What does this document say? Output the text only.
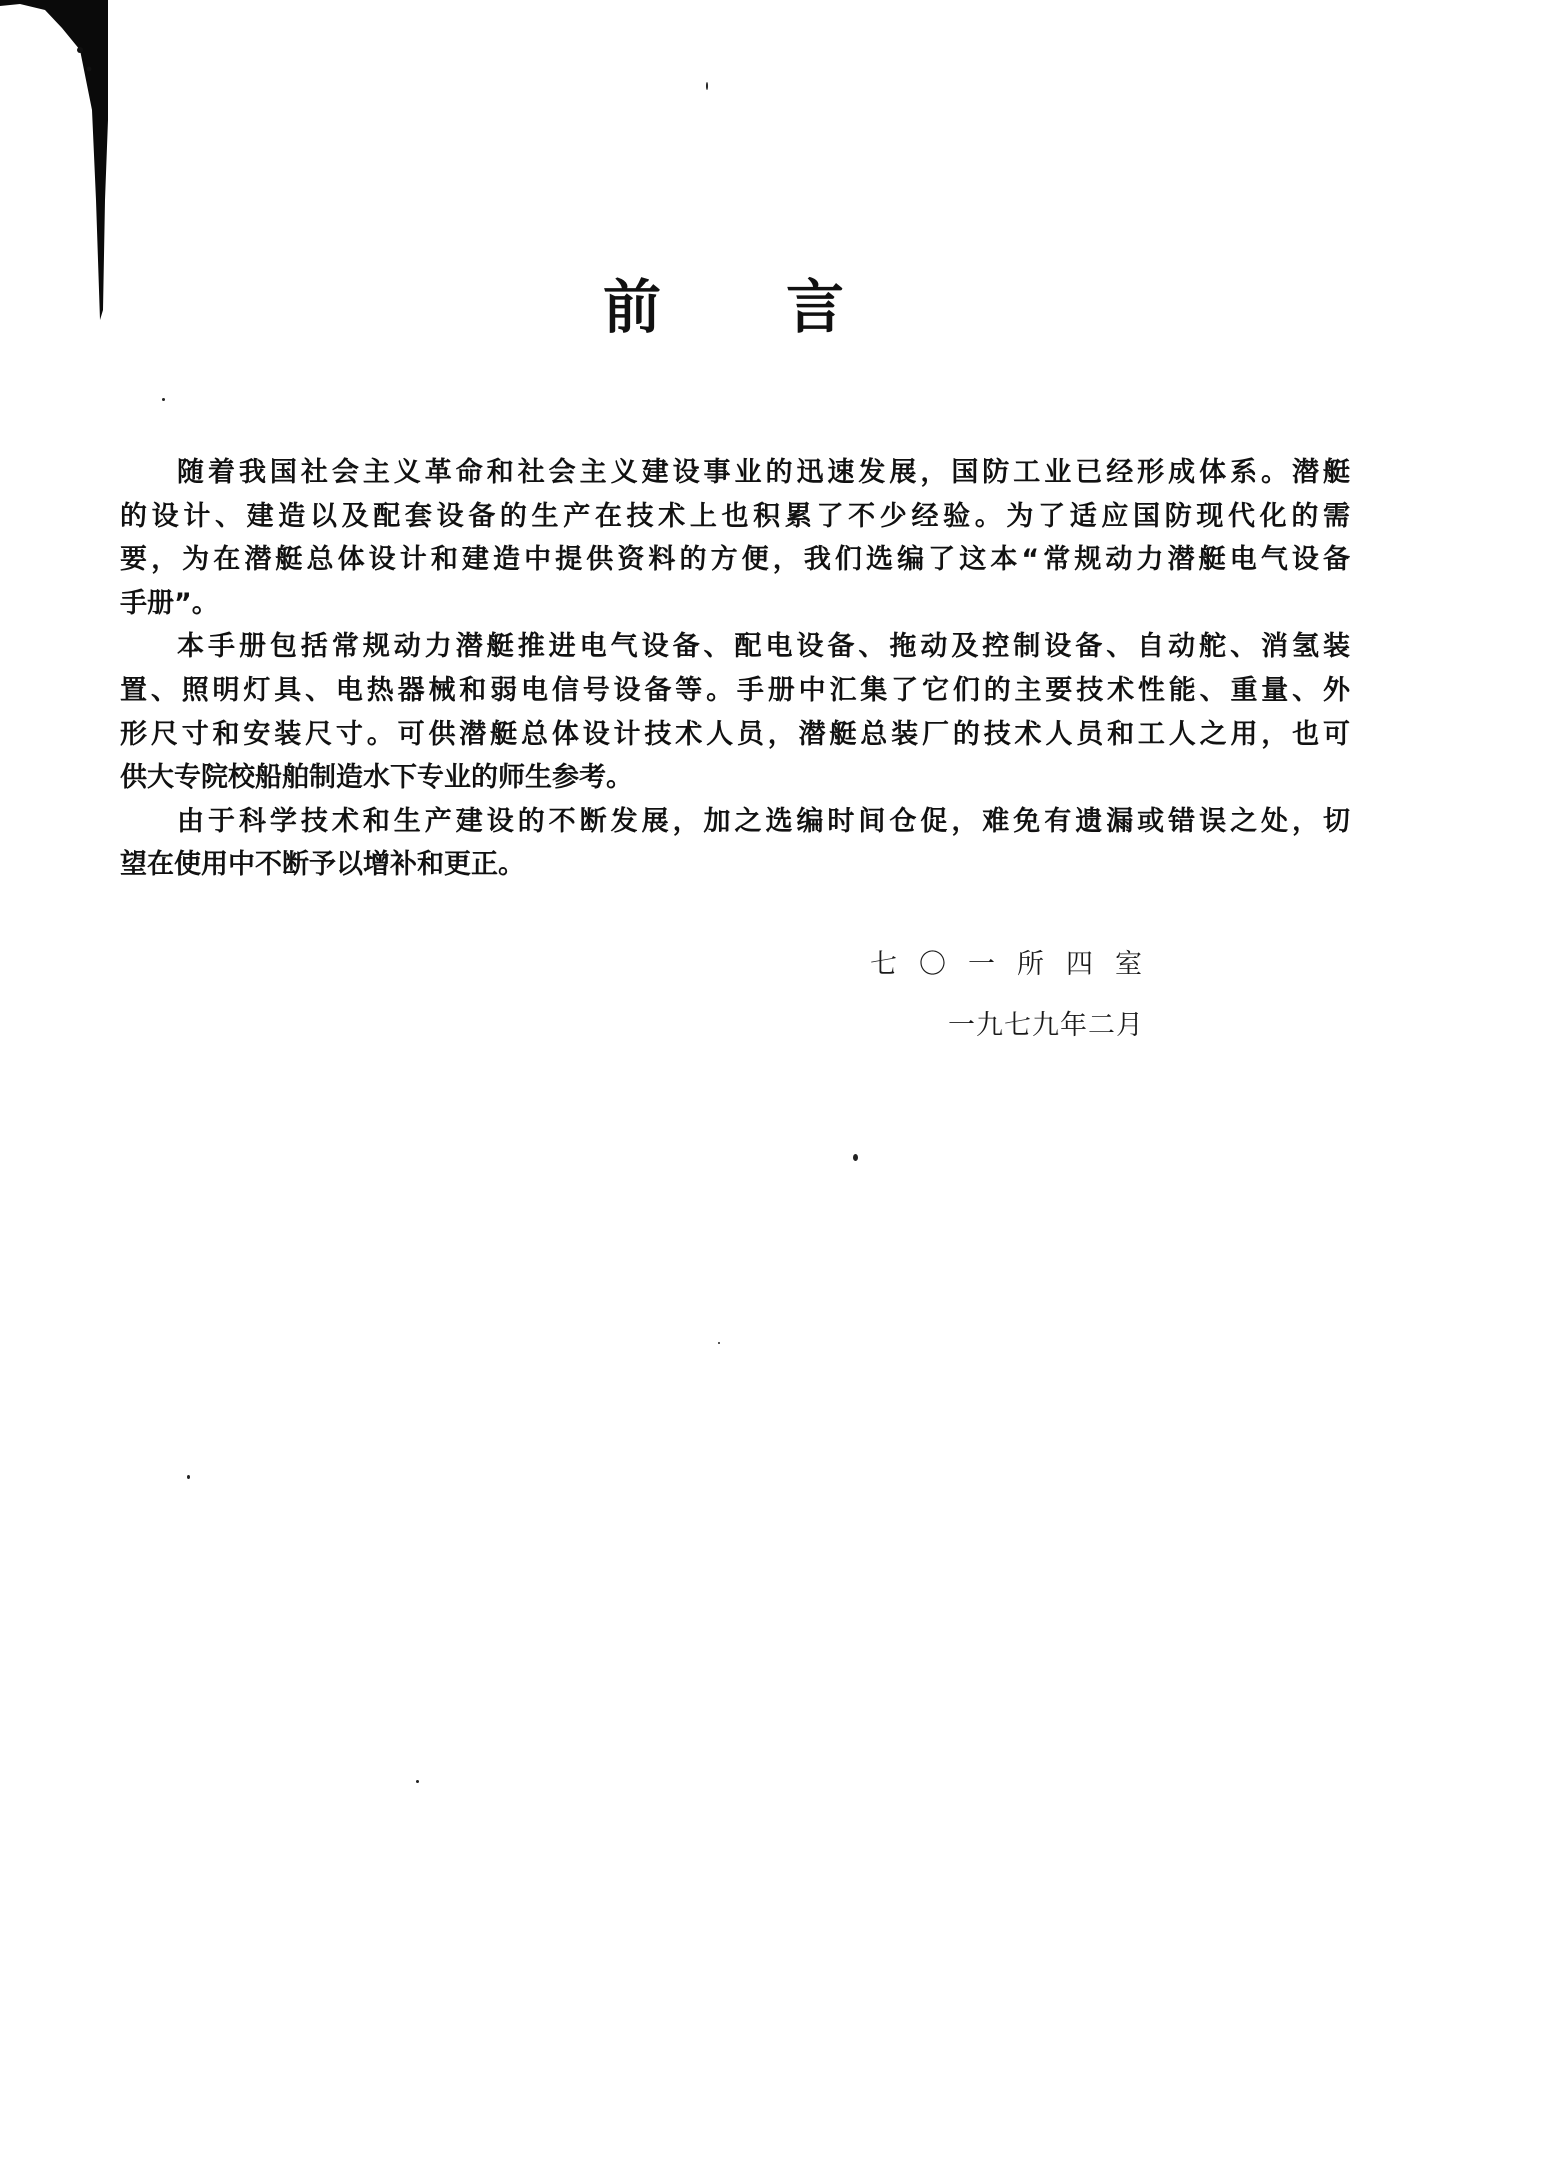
前 言
随着我国社会主义革命和社会主义建设事业的迅速发展，国防工业已经形成体系。潜艇
的设计、建造以及配套设备的生产在技术上也积累了不少经验。为了适应国防现代化的需
要，为在潜艇总体设计和建造中提供资料的方便，我们选编了这本“常规动力潜艇电气设备
手册”。
本手册包括常规动力潜艇推进电气设备、配电设备、拖动及控制设备、自动舵、消氢装
置、照明灯具、电热器械和弱电信号设备等。手册中汇集了它们的主要技术性能、重量、外
形尺寸和安装尺寸。可供潜艇总体设计技术人员，潜艇总装厂的技术人员和工人之用，也可
供大专院校船舶制造水下专业的师生参考。
由于科学技术和生产建设的不断发展，加之选编时间仓促，难免有遗漏或错误之处，切
望在使用中不断予以增补和更正。
七〇一所四室
一九七九年二月
